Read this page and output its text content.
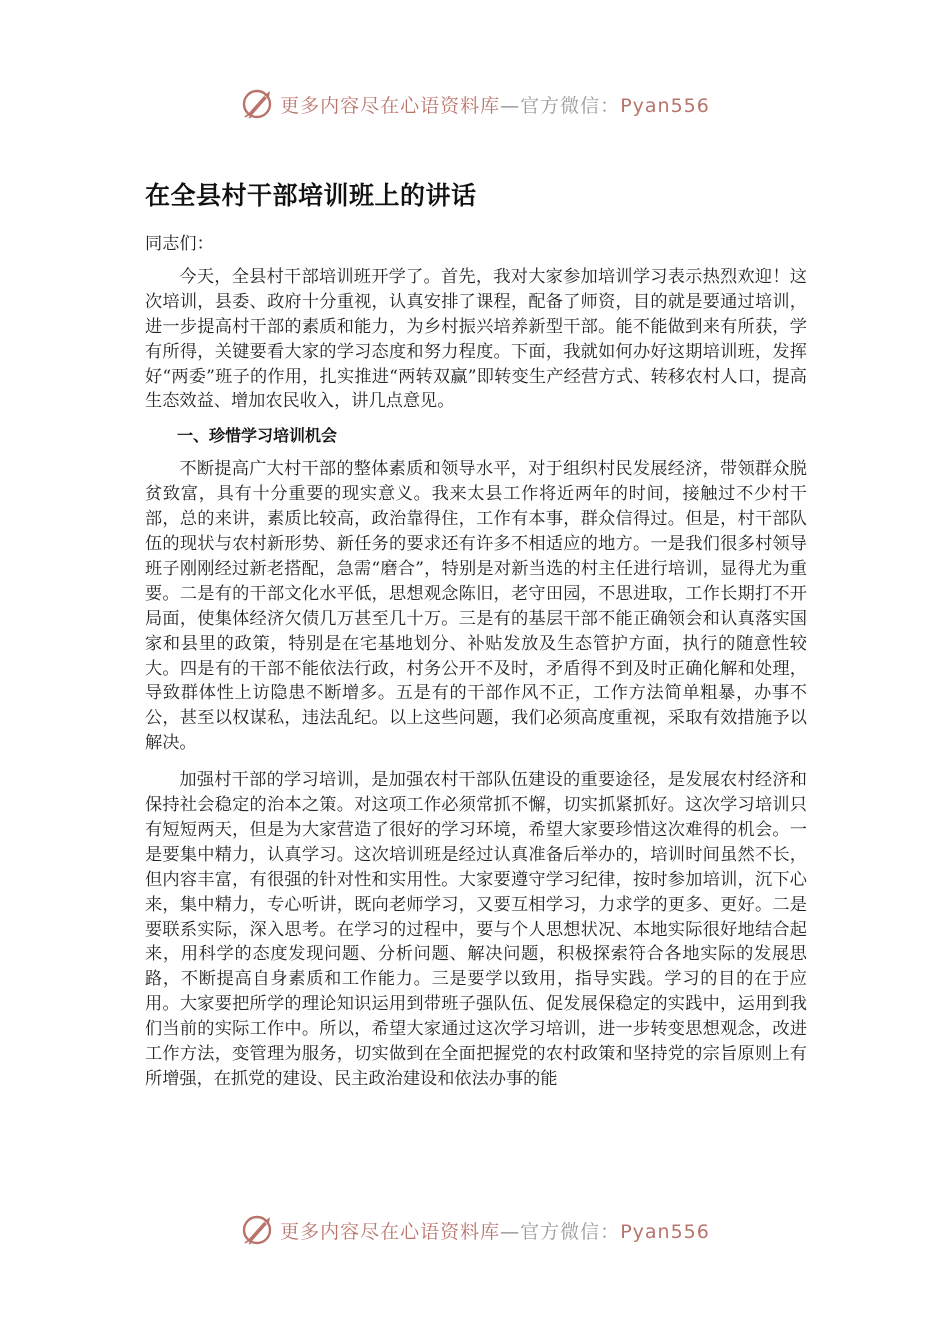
更多内容尽在心语资料库—官方微信：Pyan556
在全县村干部培训班上的讲话

同志们：

今天，全县村干部培训班开学了。首先，我对大家参加培训学习表示热烈欢迎！这次培训，县委、政府十分重视，认真安排了课程，配备了师资，目的就是要通过培训，进一步提高村干部的素质和能力，为乡村振兴培养新型干部。能不能做到来有所获，学有所得，关键要看大家的学习态度和努力程度。下面，我就如何办好这期培训班，发挥好“两委”班子的作用，扎实推进“两转双赢”即转变生产经营方式、转移农村人口，提高生态效益、增加农民收入，讲几点意见。

一、珍惜学习培训机会

不断提高广大村干部的整体素质和领导水平，对于组织村民发展经济，带领群众脱贫致富，具有十分重要的现实意义。我来太县工作将近两年的时间，接触过不少村干部，总的来讲，素质比较高，政治靠得住，工作有本事，群众信得过。但是，村干部队伍的现状与农村新形势、新任务的要求还有许多不相适应的地方。一是我们很多村领导班子刚刚经过新老搭配，急需“磨合”，特别是对新当选的村主任进行培训，显得尤为重要。二是有的干部文化水平低，思想观念陈旧，老守田园，不思进取，工作长期打不开局面，使集体经济欠债几万甚至几十万。三是有的基层干部不能正确领会和认真落实国家和县里的政策，特别是在宅基地划分、补贴发放及生态管护方面，执行的随意性较大。四是有的干部不能依法行政，村务公开不及时，矛盾得不到及时正确化解和处理，导致群体性上访隐患不断增多。五是有的干部作风不正，工作方法简单粗暴，办事不公，甚至以权谋私，违法乱纪。以上这些问题，我们必须高度重视，采取有效措施予以解决。

加强村干部的学习培训，是加强农村干部队伍建设的重要途径，是发展农村经济和保持社会稳定的治本之策。对这项工作必须常抓不懈，切实抓紧抓好。这次学习培训只有短短两天，但是为大家营造了很好的学习环境，希望大家要珍惜这次难得的机会。一是要集中精力，认真学习。这次培训班是经过认真准备后举办的，培训时间虽然不长，但内容丰富，有很强的针对性和实用性。大家要遵守学习纪律，按时参加培训，沉下心来，集中精力，专心听讲，既向老师学习，又要互相学习，力求学的更多、更好。二是要联系实际，深入思考。在学习的过程中，要与个人思想状况、本地实际很好地结合起来，用科学的态度发现问题、分析问题、解决问题，积极探索符合各地实际的发展思路，不断提高自身素质和工作能力。三是要学以致用，指导实践。学习的目的在于应用。大家要把所学的理论知识运用到带班子强队伍、促发展保稳定的实践中，运用到我们当前的实际工作中。所以，希望大家通过这次学习培训，进一步转变思想观念，改进工作方法，变管理为服务，切实做到在全面把握党的农村政策和坚持党的宗旨原则上有所增强，在抓党的建设、民主政治建设和依法办事的能

更多内容尽在心语资料库—官方微信：Pyan556
